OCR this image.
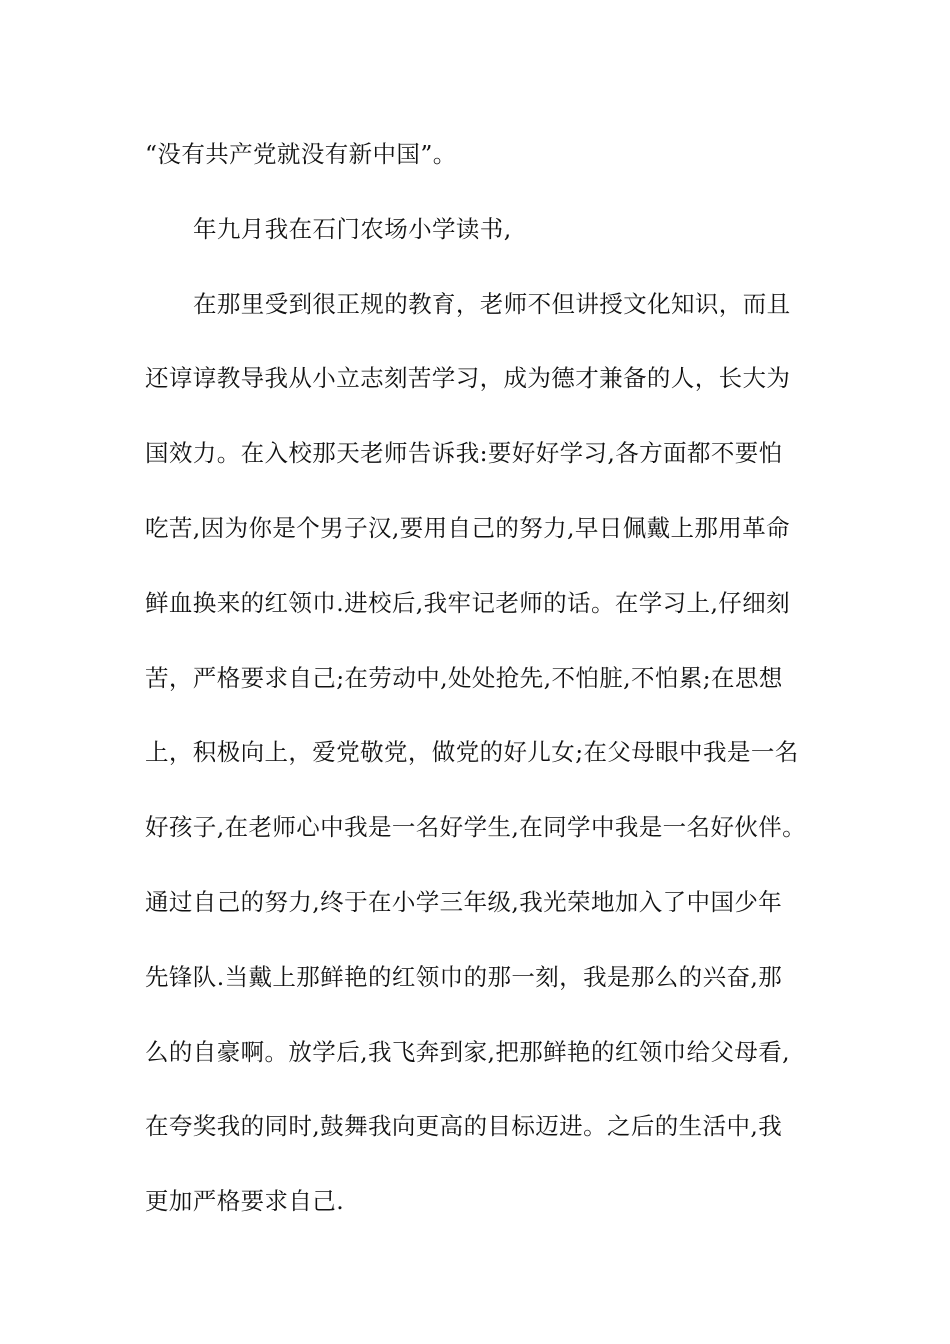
“没有共产党就没有新中国”。
年九月我在石门农场小学读书,
在那里受到很正规的教育，老师不但讲授文化知识，而且
还谆谆教导我从小立志刻苦学习，成为德才兼备的人，长大为
国效力。在入校那天老师告诉我:要好好学习,各方面都不要怕
吃苦,因为你是个男子汉,要用自己的努力,早日佩戴上那用革命
鲜血换来的红领巾.进校后,我牢记老师的话。在学习上,仔细刻
苦，严格要求自己;在劳动中,处处抢先,不怕脏,不怕累;在思想
上，积极向上，爱党敬党，做党的好儿女;在父母眼中我是一名
好孩子,在老师心中我是一名好学生,在同学中我是一名好伙伴。
通过自己的努力,终于在小学三年级,我光荣地加入了中国少年
先锋队.当戴上那鲜艳的红领巾的那一刻，我是那么的兴奋,那
么的自豪啊。放学后,我飞奔到家,把那鲜艳的红领巾给父母看,
在夸奖我的同时,鼓舞我向更高的目标迈进。之后的生活中,我
更加严格要求自己.
